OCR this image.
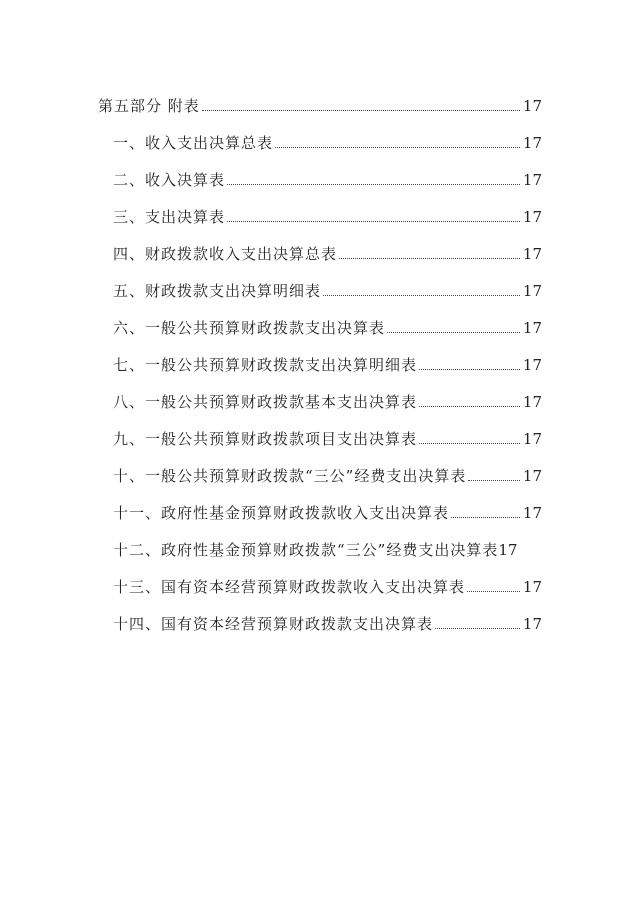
第五部分 附表	17
一、收入支出决算总表	17
二、收入决算表	17
三、支出决算表	17
四、财政拨款收入支出决算总表	17
五、财政拨款支出决算明细表	17
六、一般公共预算财政拨款支出决算表	17
七、一般公共预算财政拨款支出决算明细表	17
八、一般公共预算财政拨款基本支出决算表	17
九、一般公共预算财政拨款项目支出决算表	17
十、一般公共预算财政拨款“三公”经费支出决算表	17
十一、政府性基金预算财政拨款收入支出决算表	17
十二、政府性基金预算财政拨款“三公”经费支出决算表 17
十三、国有资本经营预算财政拨款收入支出决算表	17
十四、国有资本经营预算财政拨款支出决算表	17
